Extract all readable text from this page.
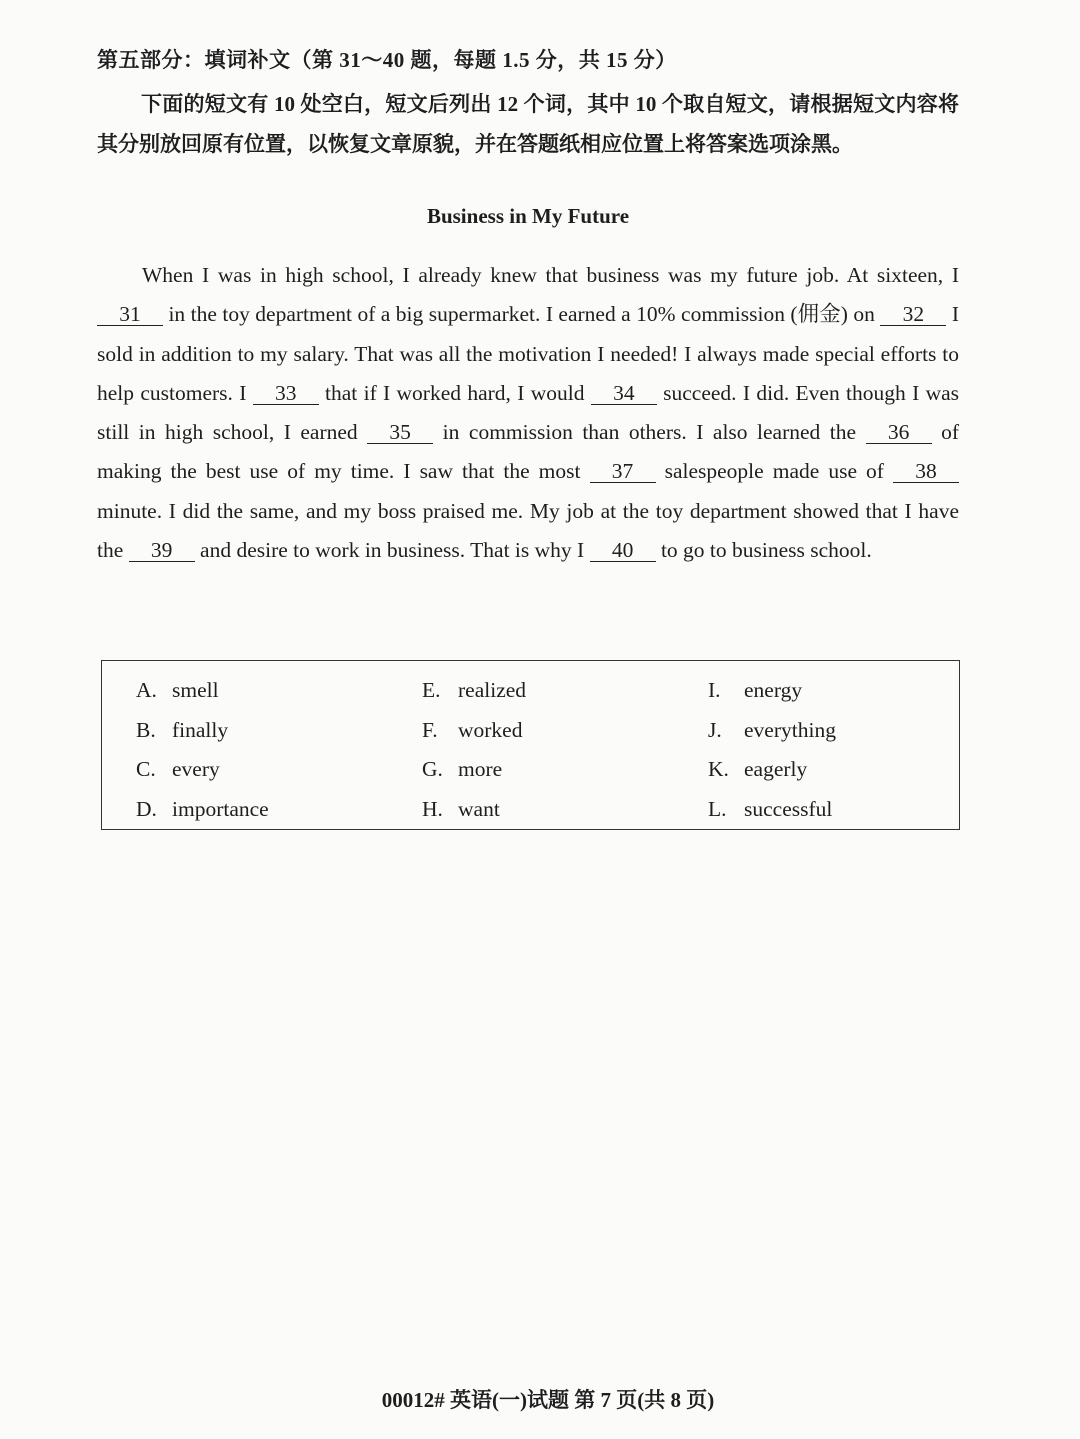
第五部分：填词补文（第 31～40 题，每题 1.5 分，共 15 分）
下面的短文有 10 处空白，短文后列出 12 个词，其中 10 个取自短文，请根据短文内容将其分别放回原有位置，以恢复文章原貌，并在答题纸相应位置上将答案选项涂黑。
Business in My Future

When I was in high school, I already knew that business was my future job. At sixteen, I 31 in the toy department of a big supermarket. I earned a 10% commission (佣金) on 32 I sold in addition to my salary. That was all the motivation I needed! I always made special efforts to help customers. I 33 that if I worked hard, I would 34 succeed. I did. Even though I was still in high school, I earned 35 in commission than others. I also learned the 36 of making the best use of my time. I saw that the most 37 salespeople made use of 38 minute. I did the same, and my boss praised me. My job at the toy department showed that I have the 39 and desire to work in business. That is why I 40 to go to business school.

A. smell
B. finally
C. every
D. importance
E. realized
F. worked
G. more
H. want
I.	energy
J.	everything
K. eagerly
L. successful
00012# 英语(一)试题 第 7 页(共 8 页)
